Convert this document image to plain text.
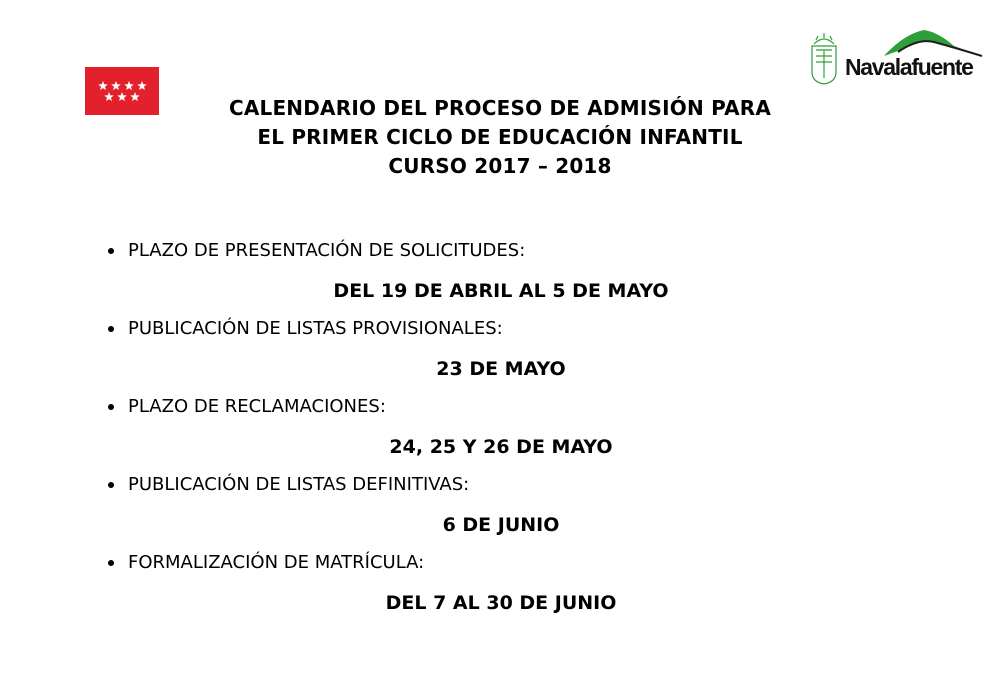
Navalafuente
CALENDARIO DEL PROCESO DE ADMISIÓN PARA
EL PRIMER CICLO DE EDUCACIÓN INFANTIL
CURSO 2017 – 2018
PLAZO DE PRESENTACIÓN DE SOLICITUDES:
DEL 19 DE ABRIL AL 5 DE MAYO
PUBLICACIÓN DE LISTAS PROVISIONALES:
23 DE MAYO
PLAZO DE RECLAMACIONES:
24, 25 Y 26 DE MAYO
PUBLICACIÓN DE LISTAS DEFINITIVAS:
6 DE JUNIO
FORMALIZACIÓN DE MATRÍCULA:
DEL 7 AL 30 DE JUNIO
